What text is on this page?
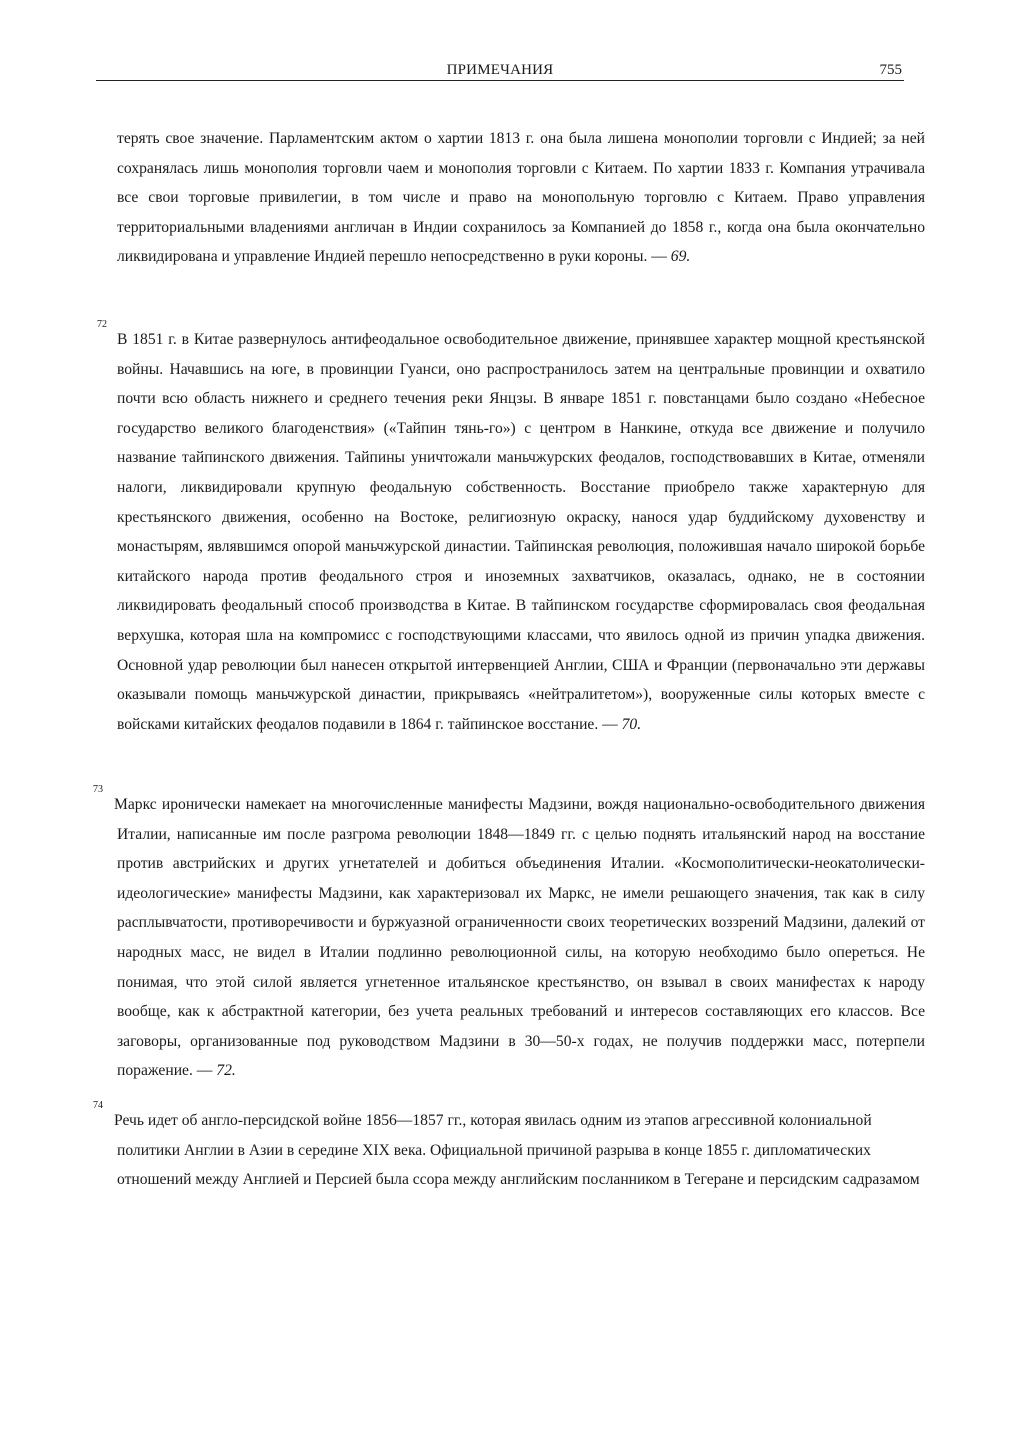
ПРИМЕЧАНИЯ	755

терять свое значение. Парламентским актом о хартии 1813 г. она была лишена монополии торговли с Индией; за ней сохранялась лишь монополия торговли чаем и монополия торговли с Китаем. По хартии 1833 г. Компания утрачивала все свои торговые привилегии, в том числе и право на монопольную торговлю с Китаем. Право управления территориальными владениями англичан в Индии сохранилось за Компанией до 1858 г., когда она была окончательно ликвидирована и управление Индией перешло непосредственно в руки короны. — 69.

72
В 1851 г. в Китае развернулось антифеодальное освободительное движение, принявшее характер мощной крестьянской войны. Начавшись на юге, в провинции Гуанси, оно распространилось затем на центральные провинции и охватило почти всю область нижнего и среднего течения реки Янцзы. В январе 1851 г. повстанцами было создано «Небесное государство великого благоденствия» («Тайпин тянь-го») с центром в Нанкине, откуда все движение и получило название тайпинского движения. Тайпины уничтожали маньчжурских феодалов, господствовавших в Китае, отменяли налоги, ликвидировали крупную феодальную собственность. Восстание приобрело также характерную для крестьянского движения, особенно на Востоке, религиозную окраску, нанося удар буддийскому духовенству и монастырям, являвшимся опорой маньчжурской династии. Тайпинская революция, положившая начало широкой борьбе китайского народа против феодального строя и иноземных захватчиков, оказалась, однако, не в состоянии ликвидировать феодальный способ производства в Китае. В тайпинском государстве сформировалась своя феодальная верхушка, которая шла на компромисс с господствующими классами, что явилось одной из причин упадка движения. Основной удар революции был нанесен открытой интервенцией Англии, США и Франции (первоначально эти державы оказывали помощь маньчжурской династии, прикрываясь «нейтралитетом»), вооруженные силы которых вместе с войсками китайских феодалов подавили в 1864 г. тайпинское восстание. — 70.

73
Маркс иронически намекает на многочисленные манифесты Мадзини, вождя национально-освободительного движения Италии, написанные им после разгрома революции 1848—1849 гг. с целью поднять итальянский народ на восстание против австрийских и других угнетателей и добиться объединения Италии. «Космополитически-неокатолически-идеологические» манифесты Мадзини, как характеризовал их Маркс, не имели решающего значения, так как в силу расплывчатости, противоречивости и буржуазной ограниченности своих теоретических воззрений Мадзини, далекий от народных масс, не видел в Италии подлинно революционной силы, на которую необходимо было опереться. Не понимая, что этой силой является угнетенное итальянское крестьянство, он взывал в своих манифестах к народу вообще, как к абстрактной категории, без учета реальных требований и интересов составляющих его классов. Все заговоры, организованные под руководством Мадзини в 30—50-х годах, не получив поддержки масс, потерпели поражение. — 72.

74
Речь идет об англо-персидской войне 1856—1857 гг., которая явилась одним из этапов агрессивной колониальной политики Англии в Азии в середине XIX века. Официальной причиной разрыва в конце 1855 г. дипломатических отношений между Англией и Персией была ссора между английским посланником в Тегеране и персидским садразамом
